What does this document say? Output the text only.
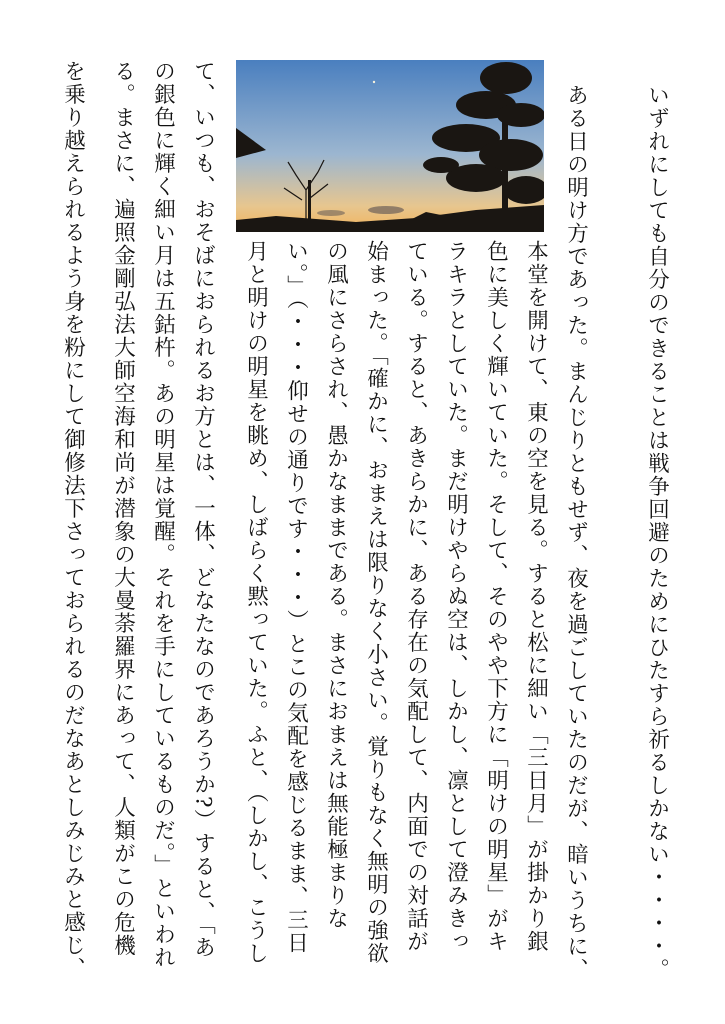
いずれにしても自分のできることは戦争回避のためにひたすら祈るしかない・・・・。

ある日の明け方であった。まんじりともせず、夜を過ごしていたのだが、暗いうちに、

本堂を開けて、東の空を見る。すると松に細い「三日月」が掛かり銀

色に美しく輝いていた。そして、そのやや下方に「明けの明星」がキ

ラキラとしていた。まだ明けやらぬ空は、しかし、凛として澄みきっ

ている。すると、あきらかに、ある存在の気配して、内面での対話が

始まった。「確かに、おまえは限りなく小さい。覚りもなく無明の強欲

の風にさらされ、愚かなままである。まさにおまえは無能極まりな

い。」（・・・仰せの通りです・・・）とこの気配を感じるまま、三日

月と明けの明星を眺め、しばらく黙っていた。ふと、（しかし、こうし

て、いつも、おそばにおられるお方とは、一体、どなたなのであろうか?）すると、「あ

の銀色に輝く細い月は五鈷杵。あの明星は覚醒。それを手にしているものだ。」といわれ

る。まさに、遍照金剛弘法大師空海和尚が潜象の大曼荼羅界にあって、人類がこの危機

を乗り越えられるよう身を粉にして御修法下さっておられるのだなあとしみじみと感じ、
